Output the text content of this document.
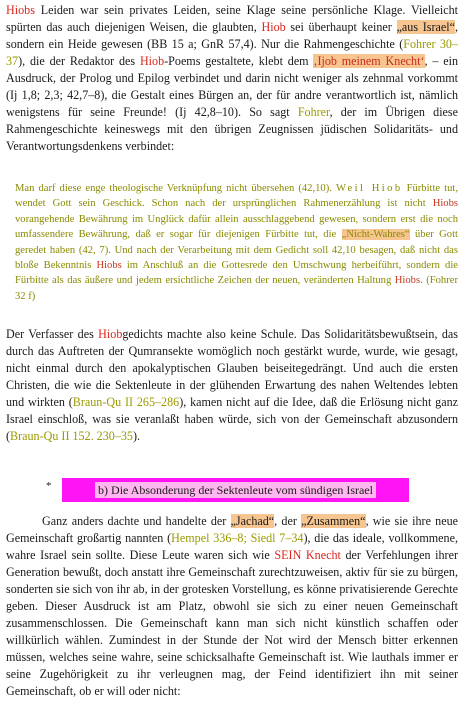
Hiobs Leiden war sein privates Leiden, seine Klage seine persönliche Klage. Vielleicht spürten das auch diejenigen Weisen, die glaubten, Hiob sei überhaupt keiner „aus Israel“, sondern ein Heide gewesen (BB 15 a; GnR 57,4). Nur die Rahmengeschichte (Fohrer 30–37), die der Redaktor des Hiob-Poems gestaltete, klebt dem ‚Ijob meinem Knecht‘, – ein Ausdruck, der Prolog und Epilog verbindet und darin nicht weniger als zehnmal vorkommt (Ij 1,8; 2,3; 42,7–8), die Gestalt eines Bürgen an, der für andre verantwortlich ist, nämlich wenigstens für seine Freunde! (Ij 42,8–10). So sagt Fohrer, der im Übrigen diese Rahmengeschichte keineswegs mit den übrigen Zeugnissen jüdischen Solidaritäts- und Verantwortungsdenkens verbindet:

Man darf diese enge theologische Verknüpfung nicht übersehen (42,10). Weil Hiob Fürbitte tut, wendet Gott sein Geschick. Schon nach der ursprünglichen Rahmenerzählung ist nicht Hiobs vorangehende Bewährung im Unglück dafür allein ausschlaggebend gewesen, sondern erst die noch umfassendere Bewährung, daß er sogar für diejenigen Fürbitte tut, die „Nicht-Wahres“ über Gott geredet haben (42, 7). Und nach der Verarbeitung mit dem Gedicht soll 42,10 besagen, daß nicht das bloße Bekenntnis Hiobs im Anschluß an die Gottesrede den Umschwung herbeiführt, sondern die Fürbitte als das äußere und jedem ersichtliche Zeichen der neuen, veränderten Haltung Hiobs. (Fohrer 32 f)

Der Verfasser des Hiobgedichts machte also keine Schule. Das Solidaritätsbewußtsein, das durch das Auftreten der Qumransekte womöglich noch gestärkt wurde, wurde, wie gesagt, nicht einmal durch den apokalyptischen Glauben beiseitegedrängt. Und auch die ersten Christen, die wie die Sektenleute in der glühenden Erwartung des nahen Weltendes lebten und wirkten (Braun-Qu II 265–286), kamen nicht auf die Idee, daß die Erlösung nicht ganz Israel einschloß, was sie veranlaßt haben würde, sich von der Gemeinschaft abzusondern (Braun-Qu II 152. 230–35).

*	b) Die Absonderung der Sektenleute vom sündigen Israel

Ganz anders dachte und handelte der „Jachad“, der „Zusammen“, wie sie ihre neue Gemeinschaft großartig nannten (Hempel 336–8; Siedl 7–34), die das ideale, vollkommene, wahre Israel sein sollte. Diese Leute waren sich wie SEIN Knecht der Verfehlungen ihrer Generation bewußt, doch anstatt ihre Gemeinschaft zurechtzuweisen, aktiv für sie zu bürgen, sonderten sie sich von ihr ab, in der grotesken Vorstellung, es könne privatisierende Gerechte geben. Dieser Ausdruck ist am Platz, obwohl sie sich zu einer neuen Gemeinschaft zusammenschlossen. Die Gemeinschaft kann man sich nicht künstlich schaffen oder willkürlich wählen. Zumindest in der Stunde der Not wird der Mensch bitter erkennen müssen, welches seine wahre, seine schicksalhafte Gemeinschaft ist. Wie lauthals immer er seine Zugehörigkeit zu ihr verleugnen mag, der Feind identifiziert ihn mit seiner Gemeinschaft, ob er will oder nicht:
